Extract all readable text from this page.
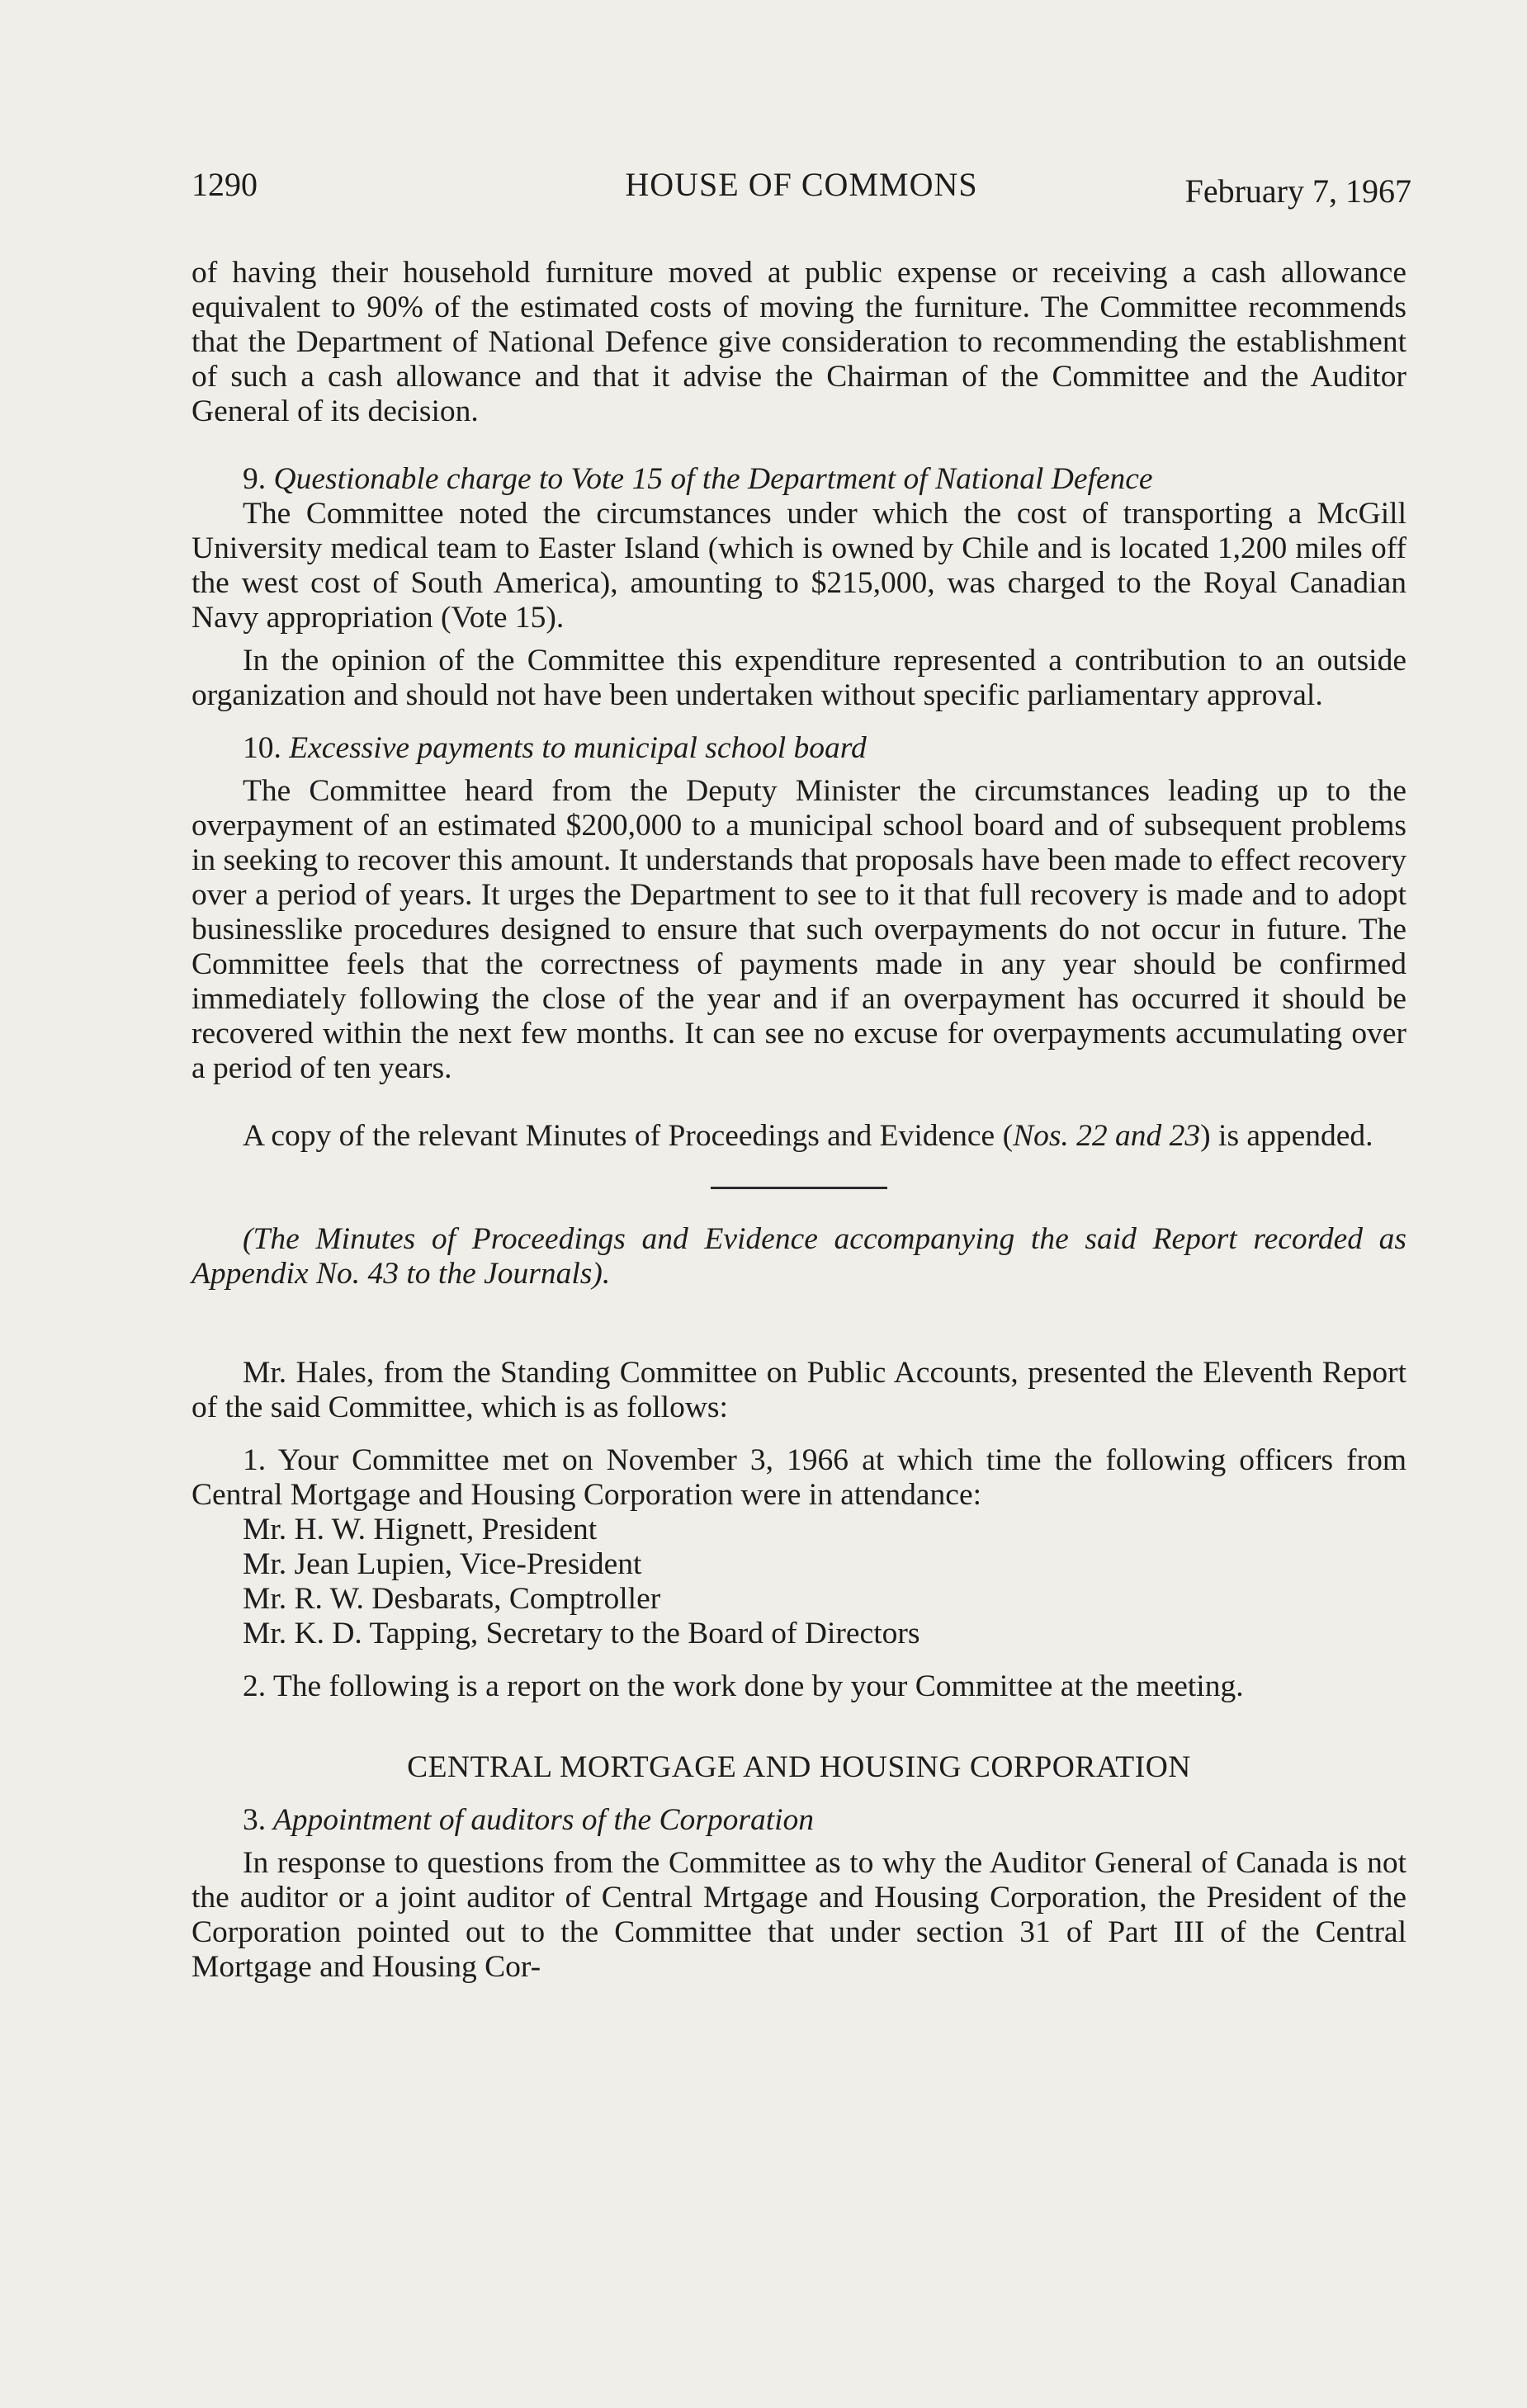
1290	HOUSE OF COMMONS	February 7, 1967

of having their household furniture moved at public expense or receiving a cash allowance equivalent to 90% of the estimated costs of moving the furniture. The Committee recommends that the Department of National Defence give consideration to recommending the establishment of such a cash allowance and that it advise the Chairman of the Committee and the Auditor General of its decision.

9. Questionable charge to Vote 15 of the Department of National Defence

The Committee noted the circumstances under which the cost of transporting a McGill University medical team to Easter Island (which is owned by Chile and is located 1,200 miles off the west cost of South America), amounting to $215,000, was charged to the Royal Canadian Navy appropriation (Vote 15).

In the opinion of the Committee this expenditure represented a contribution to an outside organization and should not have been undertaken without specific parliamentary approval.

10. Excessive payments to municipal school board

The Committee heard from the Deputy Minister the circumstances leading up to the overpayment of an estimated $200,000 to a municipal school board and of subsequent problems in seeking to recover this amount. It understands that proposals have been made to effect recovery over a period of years. It urges the Department to see to it that full recovery is made and to adopt businesslike procedures designed to ensure that such overpayments do not occur in future. The Committee feels that the correctness of payments made in any year should be confirmed immediately following the close of the year and if an overpayment has occurred it should be recovered within the next few months. It can see no excuse for overpayments accumulating over a period of ten years.

A copy of the relevant Minutes of Proceedings and Evidence (Nos. 22 and 23) is appended.

(The Minutes of Proceedings and Evidence accompanying the said Report recorded as Appendix No. 43 to the Journals).

Mr. Hales, from the Standing Committee on Public Accounts, presented the Eleventh Report of the said Committee, which is as follows:

1. Your Committee met on November 3, 1966 at which time the following officers from Central Mortgage and Housing Corporation were in attendance:

Mr. H. W. Hignett, President

Mr. Jean Lupien, Vice-President

Mr. R. W. Desbarats, Comptroller

Mr. K. D. Tapping, Secretary to the Board of Directors

2. The following is a report on the work done by your Committee at the meeting.

CENTRAL MORTGAGE AND HOUSING CORPORATION

3. Appointment of auditors of the Corporation

In response to questions from the Committee as to why the Auditor General of Canada is not the auditor or a joint auditor of Central Mrtgage and Housing Corporation, the President of the Corporation pointed out to the Committee that under section 31 of Part III of the Central Mortgage and Housing Cor-
